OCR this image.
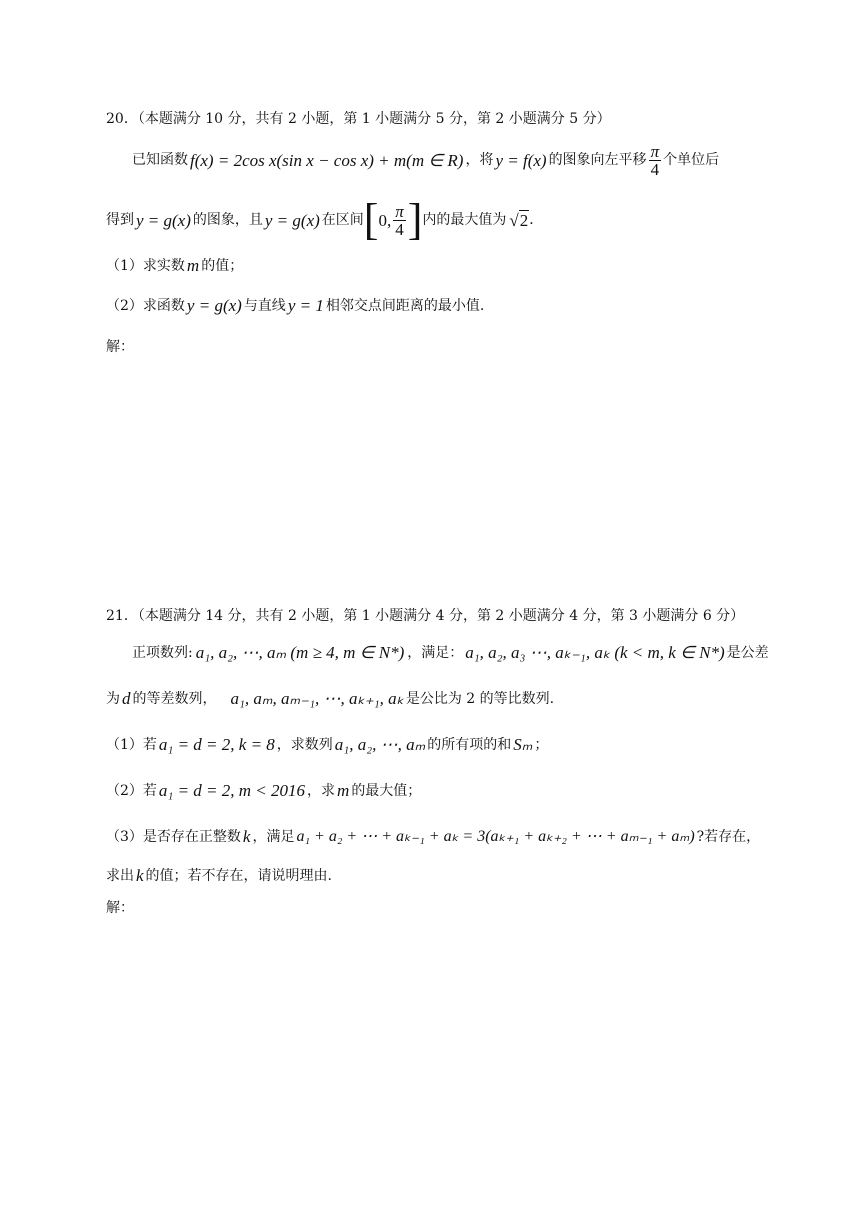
20．（本题满分 10 分，共有 2 小题，第 1 小题满分 5 分，第 2 小题满分 5 分）
已知函数 f(x) = 2cos x(sin x − cos x) + m(m ∈ R) ，将 y = f(x) 的图象向左平移 $\frac{\pi}{4}$ 个单位后
得到 y = g(x) 的图象，且 y = g(x) 在区间 [ 0, $\frac{\pi}{4}$ ] 内的最大值为 √2 ．
（1）求实数 m 的值；
（2）求函数 y = g(x) 与直线 y = 1 相邻交点间距离的最小值.
解：
21．（本题满分 14 分，共有 2 小题，第 1 小题满分 4 分，第 2 小题满分 4 分，第 3 小题满分 6 分）
正项数列: a₁, a₂, ⋯, aₘ (m ≥ 4, m ∈ N*) ，满足： a₁, a₂, a₃ ⋯, aₖ₋₁, aₖ (k < m, k ∈ N*) 是公差
为 d 的等差数列， a₁, aₘ, aₘ₋₁, ⋯, aₖ₊₁, aₖ 是公比为 2 的等比数列.
（1）若 a₁ = d = 2, k = 8 ，求数列 a₁, a₂, ⋯, aₘ 的所有项的和 Sₘ ；
（2）若 a₁ = d = 2, m < 2016 ，求 m 的最大值；
（3）是否存在正整数 k ，满足 a₁ + a₂ + ⋯ + aₖ₋₁ + aₖ = 3(aₖ₊₁ + aₖ₊₂ + ⋯ + aₘ₋₁ + aₘ) ?若存在，
求出 k 的值；若不存在，请说明理由.
解：
